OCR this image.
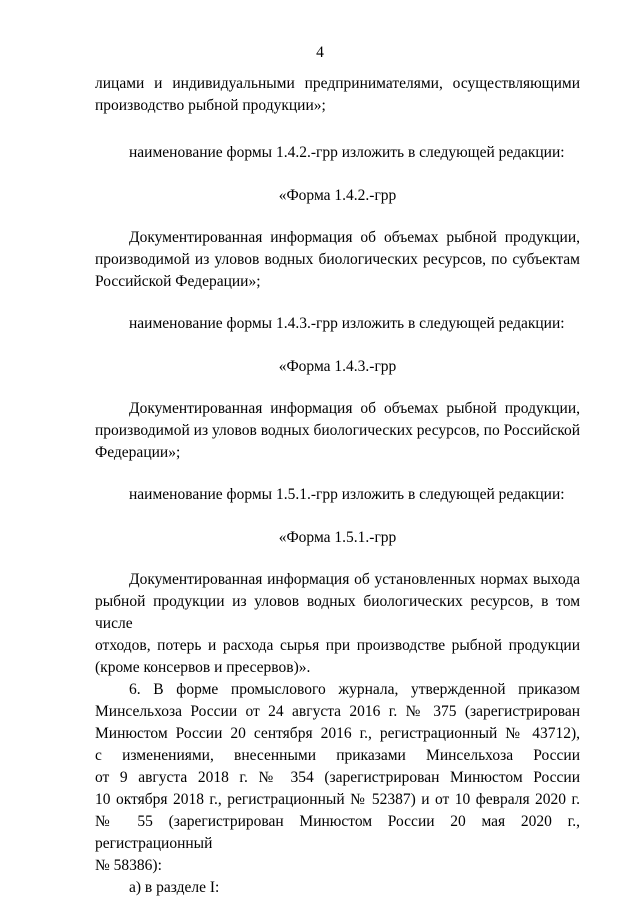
4
лицами и индивидуальными предпринимателями, осуществляющими
производство рыбной продукции»;
наименование формы 1.4.2.-грр изложить в следующей редакции:
«Форма 1.4.2.-грр
Документированная информация об объемах рыбной продукции,
производимой из уловов водных биологических ресурсов, по субъектам
Российской Федерации»;
наименование формы 1.4.3.-грр изложить в следующей редакции:
«Форма 1.4.3.-грр
Документированная информация об объемах рыбной продукции,
производимой из уловов водных биологических ресурсов, по Российской
Федерации»;
наименование формы 1.5.1.-грр изложить в следующей редакции:
«Форма 1.5.1.-грр
Документированная информация об установленных нормах выхода
рыбной продукции из уловов водных биологических ресурсов, в том числе
отходов, потерь и расхода сырья при производстве рыбной продукции
(кроме консервов и пресервов)».
6. В форме промыслового журнала, утвержденной приказом
Минсельхоза России от 24 августа 2016 г. № 375 (зарегистрирован
Минюстом России 20 сентября 2016 г., регистрационный № 43712),
с изменениями, внесенными приказами Минсельхоза России
от 9 августа 2018 г. № 354 (зарегистрирован Минюстом России
10 октября 2018 г., регистрационный № 52387) и от 10 февраля 2020 г.
№ 55 (зарегистрирован Минюстом России 20 мая 2020 г., регистрационный
№ 58386):
а) в разделе I:
